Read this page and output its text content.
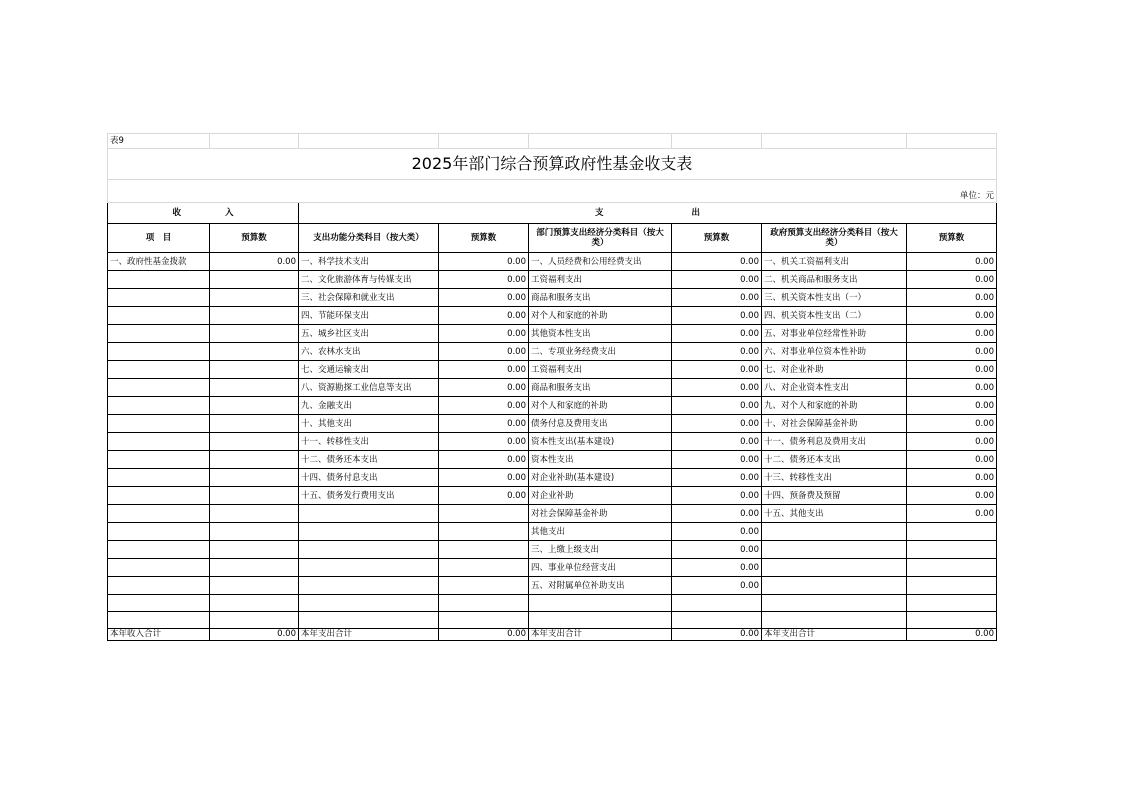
表9							
2025年部门综合预算政府性基金收支表							
单位：元							
收 入		支 出					
项　目	预算数	支出功能分类科目（按大类）	预算数	部门预算支出经济分类科目（按大类）	预算数	政府预算支出经济分类科目（按大类）	预算数
一、政府性基金拨款	0.00	一、科学技术支出	0.00	一、人员经费和公用经费支出	0.00	一、机关工资福利支出	0.00
		二、文化旅游体育与传媒支出	0.00	工资福利支出	0.00	二、机关商品和服务支出	0.00
		三、社会保障和就业支出	0.00	商品和服务支出	0.00	三、机关资本性支出（一）	0.00
		四、节能环保支出	0.00	对个人和家庭的补助	0.00	四、机关资本性支出（二）	0.00
		五、城乡社区支出	0.00	其他资本性支出	0.00	五、对事业单位经常性补助	0.00
		六、农林水支出	0.00	二、专项业务经费支出	0.00	六、对事业单位资本性补助	0.00
		七、交通运输支出	0.00	工资福利支出	0.00	七、对企业补助	0.00
		八、资源勘探工业信息等支出	0.00	商品和服务支出	0.00	八、对企业资本性支出	0.00
		九、金融支出	0.00	对个人和家庭的补助	0.00	九、对个人和家庭的补助	0.00
		十、其他支出	0.00	债务付息及费用支出	0.00	十、对社会保障基金补助	0.00
		十一、转移性支出	0.00	资本性支出(基本建设)	0.00	十一、债务利息及费用支出	0.00
		十二、债务还本支出	0.00	资本性支出	0.00	十二、债务还本支出	0.00
		十四、债务付息支出	0.00	对企业补助(基本建设)	0.00	十三、转移性支出	0.00
		十五、债务发行费用支出	0.00	对企业补助	0.00	十四、预备费及预留	0.00
				对社会保障基金补助	0.00	十五、其他支出	0.00
				其他支出	0.00		
				三、上缴上级支出	0.00		
				四、事业单位经营支出	0.00		
				五、对附属单位补助支出	0.00		

本年收入合计	0.00	本年支出合计	0.00	本年支出合计	0.00	本年支出合计	0.00
